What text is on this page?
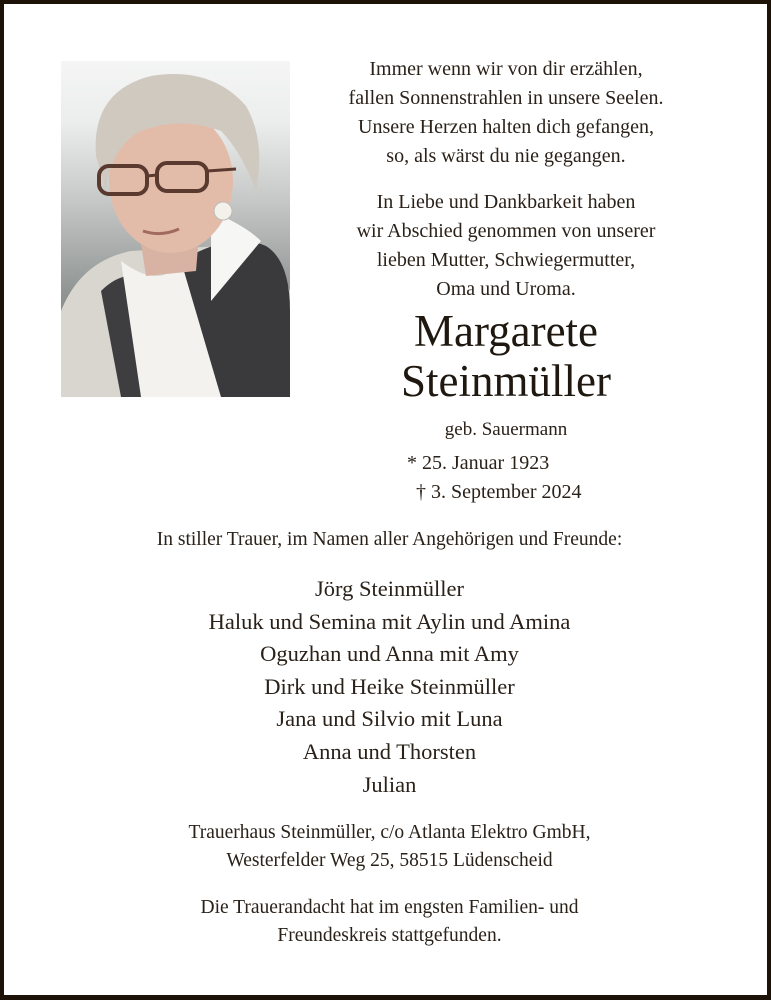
Immer wenn wir von dir erzählen,
fallen Sonnenstrahlen in unsere Seelen.
Unsere Herzen halten dich gefangen,
so, als wärst du nie gegangen.
In Liebe und Dankbarkeit haben
wir Abschied genommen von unserer
lieben Mutter, Schwiegermutter,
Oma und Uroma.
Margarete
Steinmüller
geb. Sauermann
* 25. Januar 1923
† 3. September 2024
In stiller Trauer, im Namen aller Angehörigen und Freunde:
Jörg Steinmüller
Haluk und Semina mit Aylin und Amina
Oguzhan und Anna mit Amy
Dirk und Heike Steinmüller
Jana und Silvio mit Luna
Anna und Thorsten
Julian
Trauerhaus Steinmüller, c/o Atlanta Elektro GmbH,
Westerfelder Weg 25, 58515 Lüdenscheid
Die Trauerandacht hat im engsten Familien- und
Freundeskreis stattgefunden.
